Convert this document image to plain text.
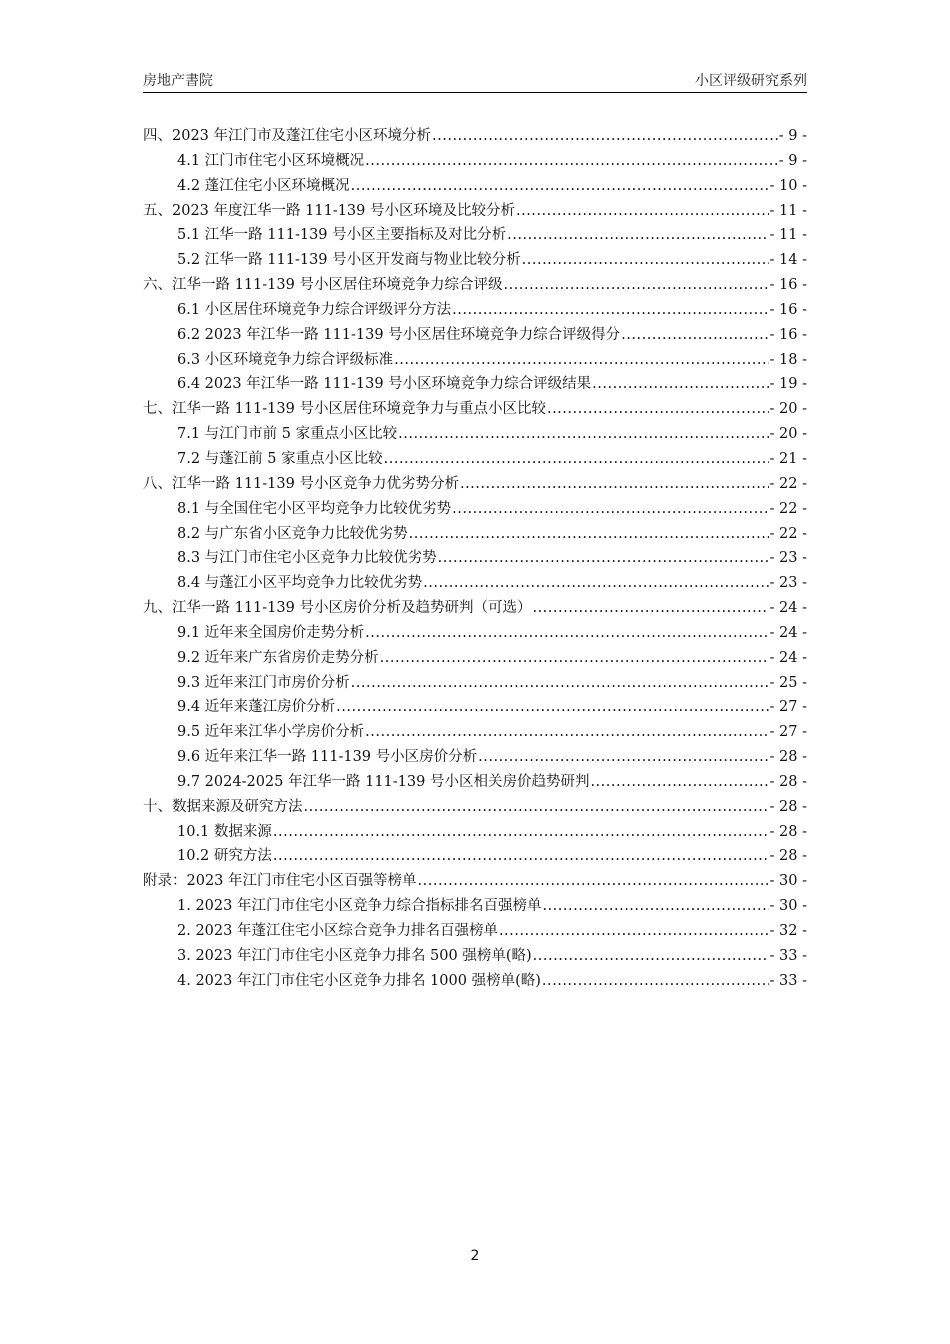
房地产書院	小区评级研究系列
四、2023 年江门市及蓬江住宅小区环境分析 .....	- 9 -
4.1 江门市住宅小区环境概况 .....	- 9 -
4.2 蓬江住宅小区环境概况 .....	- 10 -
五、2023 年度江华一路 111-139 号小区环境及比较分析 .....	- 11 -
5.1 江华一路 111-139 号小区主要指标及对比分析 .....	- 11 -
5.2 江华一路 111-139 号小区开发商与物业比较分析 .....	- 14 -
六、江华一路 111-139 号小区居住环境竞争力综合评级 .....	- 16 -
6.1 小区居住环境竞争力综合评级评分方法 .....	- 16 -
6.2 2023 年江华一路 111-139 号小区居住环境竞争力综合评级得分 .....	- 16 -
6.3 小区环境竞争力综合评级标准 .....	- 18 -
6.4 2023 年江华一路 111-139 号小区环境竞争力综合评级结果 .....	- 19 -
七、江华一路 111-139 号小区居住环境竞争力与重点小区比较 .....	- 20 -
7.1 与江门市前 5 家重点小区比较 .....	- 20 -
7.2 与蓬江前 5 家重点小区比较 .....	- 21 -
八、江华一路 111-139 号小区竞争力优劣势分析 .....	- 22 -
8.1 与全国住宅小区平均竞争力比较优劣势 .....	- 22 -
8.2 与广东省小区竞争力比较优劣势 .....	- 22 -
8.3 与江门市住宅小区竞争力比较优劣势 .....	- 23 -
8.4 与蓬江小区平均竞争力比较优劣势 .....	- 23 -
九、江华一路 111-139 号小区房价分析及趋势研判（可选） .....	- 24 -
9.1 近年来全国房价走势分析 .....	- 24 -
9.2 近年来广东省房价走势分析 .....	- 24 -
9.3 近年来江门市房价分析 .....	- 25 -
9.4 近年来蓬江房价分析 .....	- 27 -
9.5 近年来江华小学房价分析 .....	- 27 -
9.6 近年来江华一路 111-139 号小区房价分析 .....	- 28 -
9.7 2024-2025 年江华一路 111-139 号小区相关房价趋势研判 .....	- 28 -
十、数据来源及研究方法 .....	- 28 -
10.1 数据来源 .....	- 28 -
10.2 研究方法 .....	- 28 -
附录：2023 年江门市住宅小区百强等榜单 .....	- 30 -
1. 2023 年江门市住宅小区竞争力综合指标排名百强榜单 .....	- 30 -
2. 2023 年蓬江住宅小区综合竞争力排名百强榜单 .....	- 32 -
3. 2023 年江门市住宅小区竞争力排名 500 强榜单(略) .....	- 33 -
4. 2023 年江门市住宅小区竞争力排名 1000 强榜单(略) .....	- 33 -
2
